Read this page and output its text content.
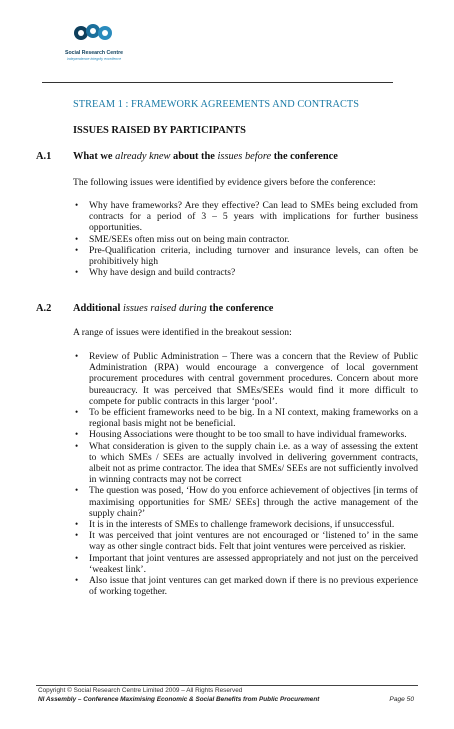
Social Research Centre
independence integrity excellence
STREAM 1 : FRAMEWORK AGREEMENTS AND CONTRACTS
ISSUES RAISED BY PARTICIPANTS
A.1 What we already knew about the issues before the conference
The following issues were identified by evidence givers before the conference:
• Why have frameworks? Are they effective? Can lead to SMEs being excluded from contracts for a period of 3 – 5 years with implications for further business opportunities.
• SME/SEEs often miss out on being main contractor.
• Pre-Qualification criteria, including turnover and insurance levels, can often be prohibitively high
• Why have design and build contracts?
A.2 Additional issues raised during the conference
A range of issues were identified in the breakout session:
• Review of Public Administration – There was a concern that the Review of Public Administration (RPA) would encourage a convergence of local government procurement procedures with central government procedures. Concern about more bureaucracy. It was perceived that SMEs/SEEs would find it more difficult to compete for public contracts in this larger ‘pool’.
• To be efficient frameworks need to be big. In a NI context, making frameworks on a regional basis might not be beneficial.
• Housing Associations were thought to be too small to have individual frameworks.
• What consideration is given to the supply chain i.e. as a way of assessing the extent to which SMEs / SEEs are actually involved in delivering government contracts, albeit not as prime contractor. The idea that SMEs/ SEEs are not sufficiently involved in winning contracts may not be correct
• The question was posed, ‘How do you enforce achievement of objectives [in terms of maximising opportunities for SME/ SEEs] through the active management of the supply chain?’
• It is in the interests of SMEs to challenge framework decisions, if unsuccessful.
• It was perceived that joint ventures are not encouraged or ‘listened to’ in the same way as other single contract bids. Felt that joint ventures were perceived as riskier.
• Important that joint ventures are assessed appropriately and not just on the perceived ‘weakest link’.
• Also issue that joint ventures can get marked down if there is no previous experience of working together.
Copyright © Social Research Centre Limited 2009 – All Rights Reserved
NI Assembly – Conference Maximising Economic & Social Benefits from Public Procurement	Page 50
